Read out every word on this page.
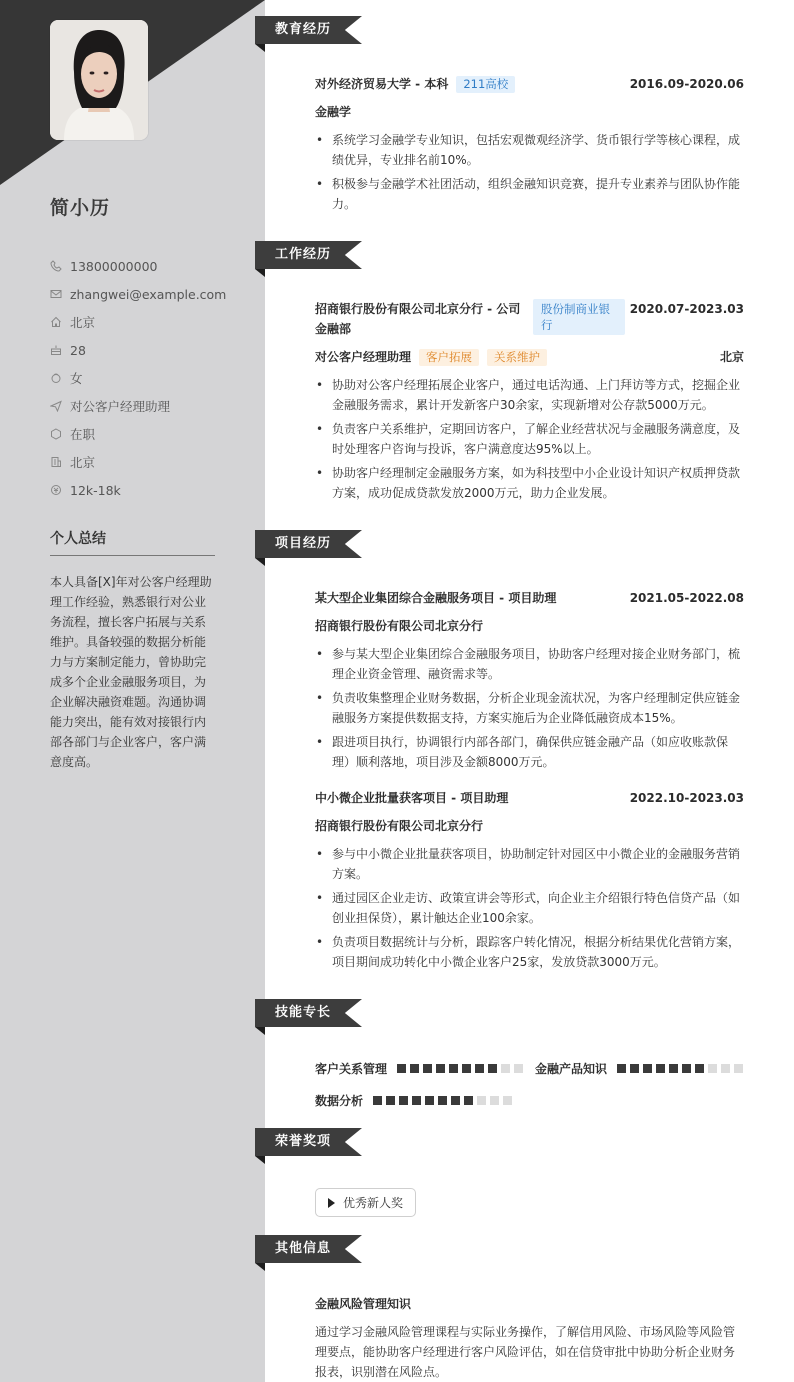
简小历
13800000000
zhangwei@example.com
北京
28
女
对公客户经理助理
在职
北京
12k-18k
个人总结
本人具备[X]年对公客户经理助理工作经验，熟悉银行对公业务流程，擅长客户拓展与关系维护。具备较强的数据分析能力与方案制定能力，曾协助完成多个企业金融服务项目，为企业解决融资难题。沟通协调能力突出，能有效对接银行内部各部门与企业客户，客户满意度高。
教育经历
对外经济贸易大学 - 本科 211高校	2016.09-2020.06
金融学
• 系统学习金融学专业知识，包括宏观微观经济学、货币银行学等核心课程，成绩优异，专业排名前10%。
• 积极参与金融学术社团活动，组织金融知识竞赛，提升专业素养与团队协作能力。
工作经历
招商银行股份有限公司北京分行 - 公司金融部
股份制商业银行
2020.07-2023.03
对公客户经理助理 客户拓展 关系维护	北京
• 协助对公客户经理拓展企业客户，通过电话沟通、上门拜访等方式，挖掘企业金融服务需求，累计开发新客户30余家，实现新增对公存款5000万元。
• 负责客户关系维护，定期回访客户，了解企业经营状况与金融服务满意度，及时处理客户咨询与投诉，客户满意度达95%以上。
• 协助客户经理制定金融服务方案，如为科技型中小企业设计知识产权质押贷款方案，成功促成贷款发放2000万元，助力企业发展。
项目经历
某大型企业集团综合金融服务项目 - 项目助理	2021.05-2022.08
招商银行股份有限公司北京分行
• 参与某大型企业集团综合金融服务项目，协助客户经理对接企业财务部门，梳理企业资金管理、融资需求等。
• 负责收集整理企业财务数据，分析企业现金流状况，为客户经理制定供应链金融服务方案提供数据支持，方案实施后为企业降低融资成本15%。
• 跟进项目执行，协调银行内部各部门，确保供应链金融产品（如应收账款保理）顺利落地，项目涉及金额8000万元。
中小微企业批量获客项目 - 项目助理	2022.10-2023.03
招商银行股份有限公司北京分行
• 参与中小微企业批量获客项目，协助制定针对园区中小微企业的金融服务营销方案。
• 通过园区企业走访、政策宣讲会等形式，向企业主介绍银行特色信贷产品（如创业担保贷），累计触达企业100余家。
• 负责项目数据统计与分析，跟踪客户转化情况，根据分析结果优化营销方案，项目期间成功转化中小微企业客户25家，发放贷款3000万元。
技能专长
客户关系管理	金融产品知识
数据分析
荣誉奖项
优秀新人奖
其他信息
金融风险管理知识
通过学习金融风险管理课程与实际业务操作，了解信用风险、市场风险等风险管理要点，能协助客户经理进行客户风险评估，如在信贷审批中协助分析企业财务报表，识别潜在风险点。
